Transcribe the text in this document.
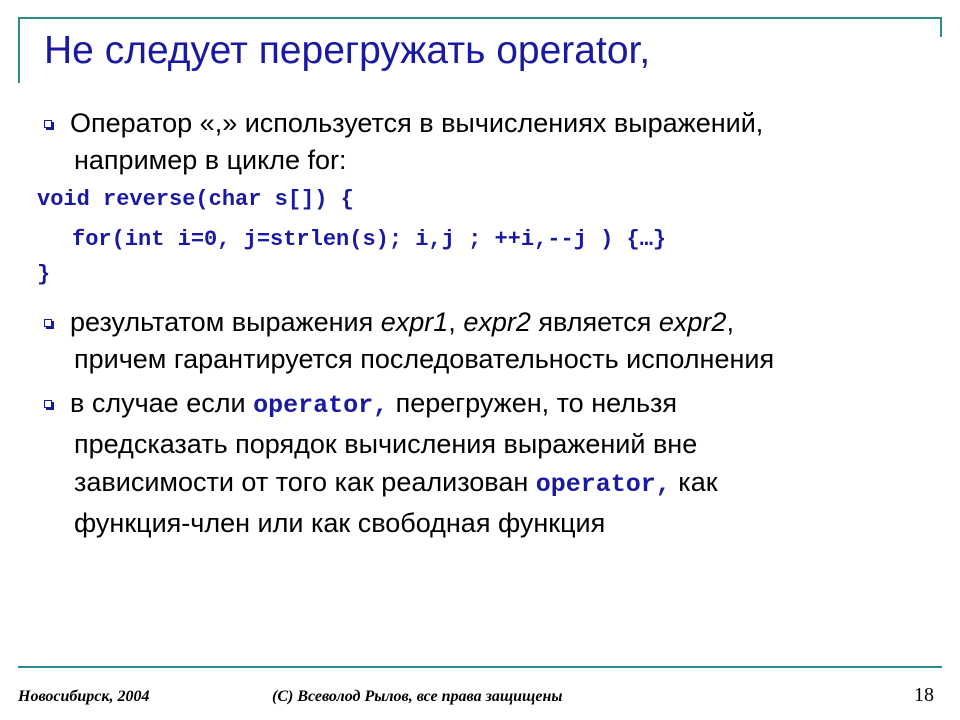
Не следует перегружать operator,
Оператор «,» используется в вычислениях выражений,
например в цикле for:
void reverse(char s[]) {
for(int i=0, j=strlen(s); i,j ; ++i,--j ) {…}
}
результатом выражения expr1, expr2 является expr2,
причем гарантируется последовательность исполнения
в случае если operator, перегружен, то нельзя
предсказать порядок вычисления выражений вне
зависимости от того как реализован operator, как
функция-член или как свободная функция
Новосибирск, 2004	(C) Всеволод Рылов, все права защищены	18
